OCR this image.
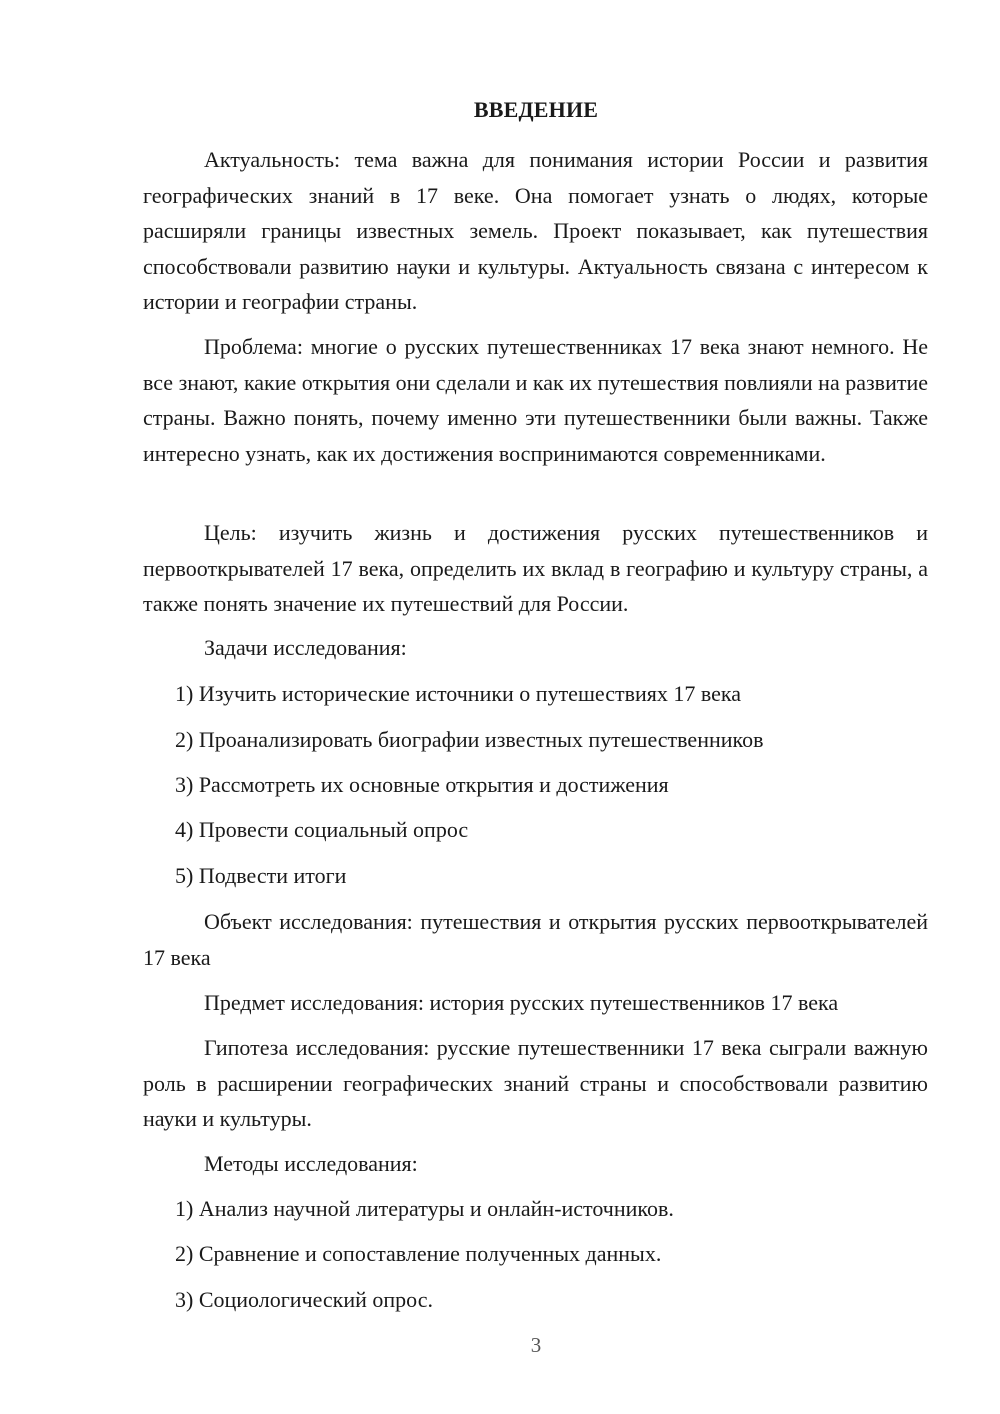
ВВЕДЕНИЕ

Актуальность: тема важна для понимания истории России и развития географических знаний в 17 веке. Она помогает узнать о людях, которые расширяли границы известных земель. Проект показывает, как путешествия способствовали развитию науки и культуры. Актуальность связана с интересом к истории и географии страны.

Проблема: многие о русских путешественниках 17 века знают немного. Не все знают, какие открытия они сделали и как их путешествия повлияли на развитие страны. Важно понять, почему именно эти путешественники были важны. Также интересно узнать, как их достижения воспринимаются современниками.

Цель: изучить жизнь и достижения русских путешественников и первооткрывателей 17 века, определить их вклад в географию и культуру страны, а также понять значение их путешествий для России.

Задачи исследования:

1) Изучить исторические источники о путешествиях 17 века

2) Проанализировать биографии известных путешественников

3) Рассмотреть их основные открытия и достижения

4) Провести социальный опрос

5) Подвести итоги

Объект исследования: путешествия и открытия русских первооткрывателей 17 века

Предмет исследования: история русских путешественников 17 века

Гипотеза исследования: русские путешественники 17 века сыграли важную роль в расширении географических знаний страны и способствовали развитию науки и культуры.

Методы исследования:

1) Анализ научной литературы и онлайн-источников.

2) Сравнение и сопоставление полученных данных.

3) Социологический опрос.

3
